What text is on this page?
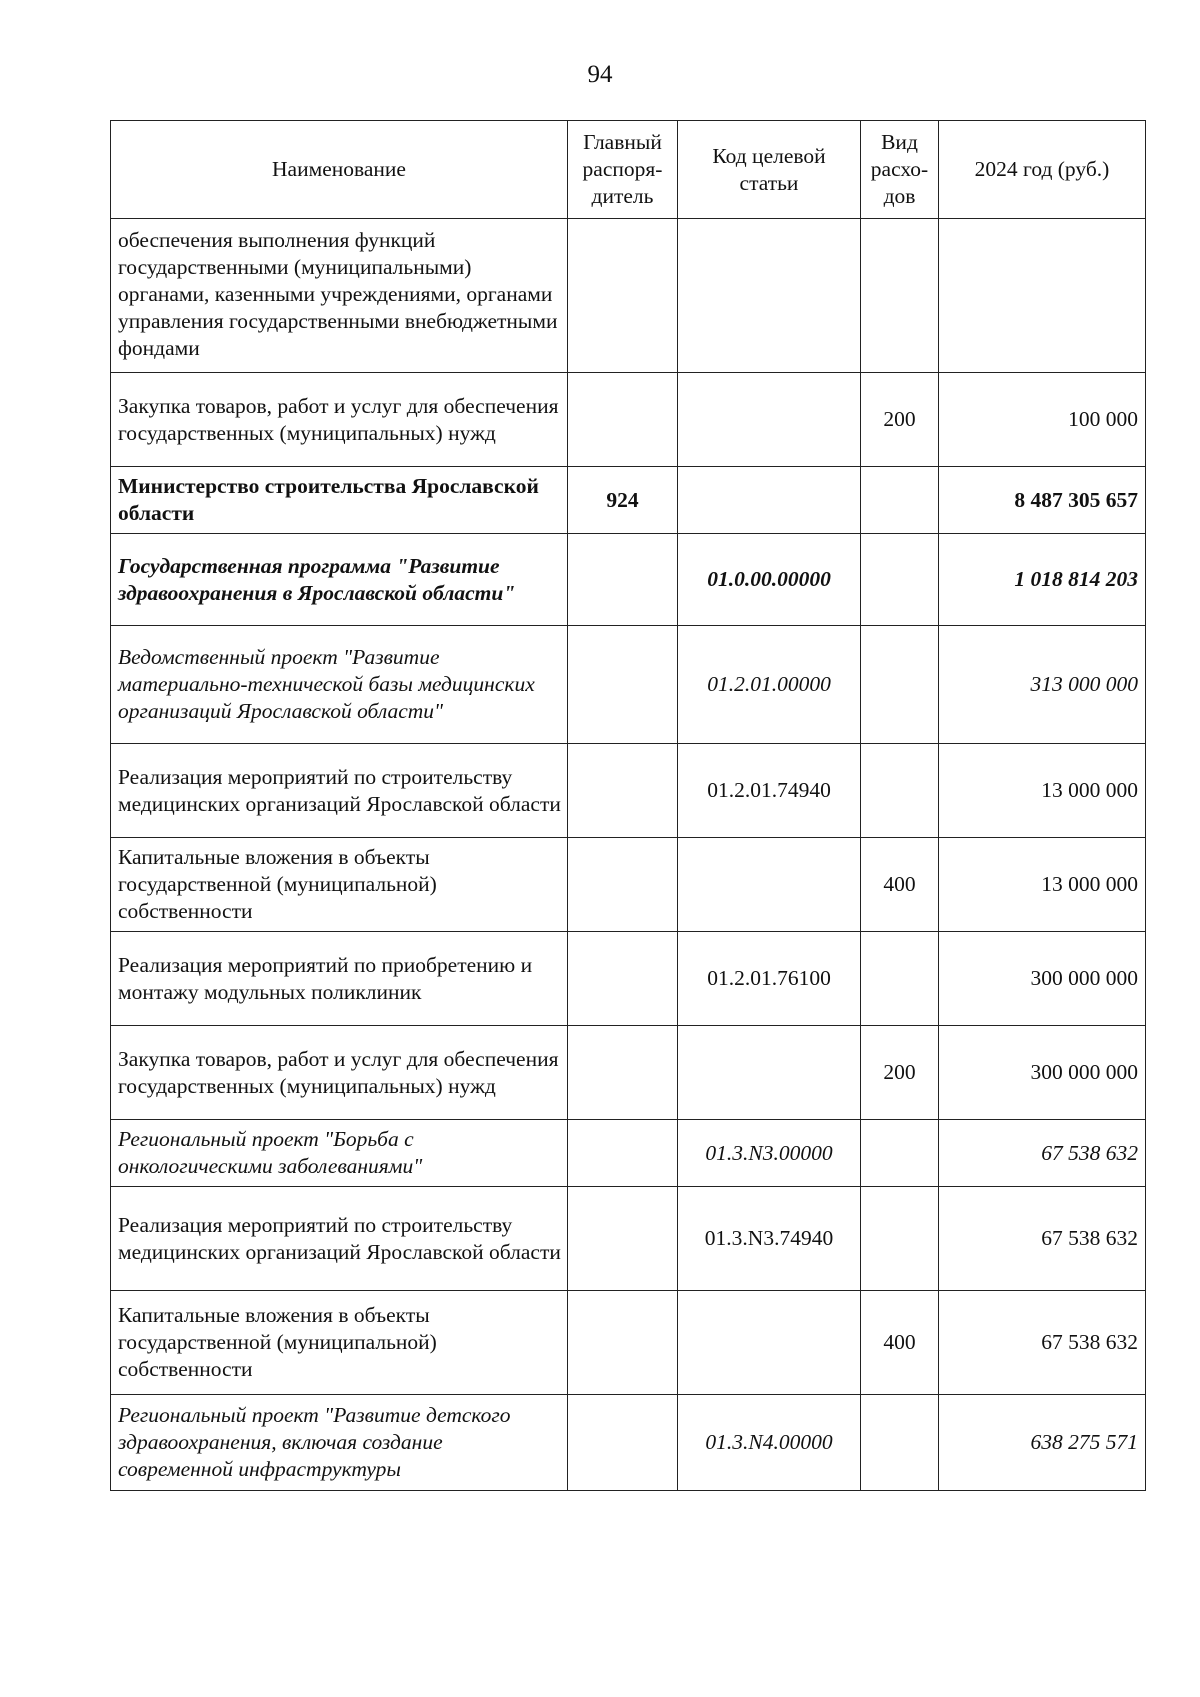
94
Наименование	Главный распоря-дитель	Код целевой статьи	Вид расхо-дов	2024 год (руб.)
обеспечения выполнения функций государственными (муниципальными) органами, казенными учреждениями, органами управления государственными внебюджетными фондами				
Закупка товаров, работ и услуг для обеспечения государственных (муниципальных) нужд			200	100 000
Министерство строительства Ярославской области	924			8 487 305 657
Государственная программа "Развитие здравоохранения в Ярославской области"		01.0.00.00000		1 018 814 203
Ведомственный проект "Развитие материально-технической базы медицинских организаций Ярославской области"		01.2.01.00000		313 000 000
Реализация мероприятий по строительству медицинских организаций Ярославской области		01.2.01.74940		13 000 000
Капитальные вложения в объекты государственной (муниципальной) собственности			400	13 000 000
Реализация мероприятий по приобретению и монтажу модульных поликлиник		01.2.01.76100		300 000 000
Закупка товаров, работ и услуг для обеспечения государственных (муниципальных) нужд			200	300 000 000
Региональный проект "Борьба с онкологическими заболеваниями"		01.3.N3.00000		67 538 632
Реализация мероприятий по строительству медицинских организаций Ярославской области		01.3.N3.74940		67 538 632
Капитальные вложения в объекты государственной (муниципальной) собственности			400	67 538 632
Региональный проект "Развитие детского здравоохранения, включая создание современной инфраструктуры		01.3.N4.00000		638 275 571
